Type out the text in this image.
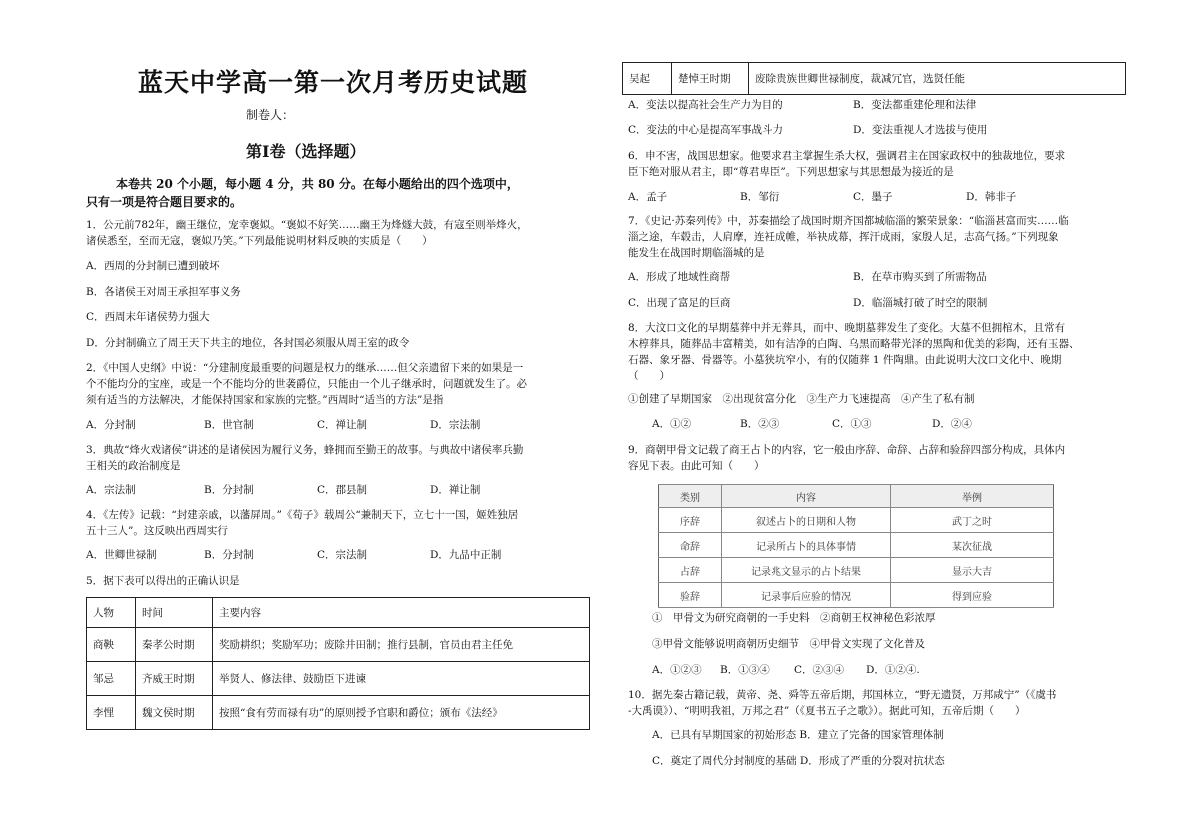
蓝天中学高一第一次月考历史试题
制卷人：
第Ⅰ卷（选择题）
本卷共 20 个小题，每小题 4 分，共 80 分。在每小题给出的四个选项中，
只有一项是符合题目要求的。
1．公元前782年，幽王继位，宠幸褒姒。“褒姒不好笑……幽王为烽燧大鼓，有寇至则举烽火，
诸侯悉至，至而无寇，褒姒乃笑。”下列最能说明材料反映的实质是（　　）
A．西周的分封制已遭到破坏
B．各诸侯王对周王承担军事义务
C．西周末年诸侯势力强大
D．分封制确立了周王天下共主的地位，各封国必须服从周王室的政令
2．《中国人史纲》中说：“分建制度最重要的问题是权力的继承……但父亲遗留下来的如果是一
个不能均分的宝座，或是一个不能均分的世袭爵位，只能由一个儿子继承时，问题就发生了。必
须有适当的方法解决，才能保持国家和家族的完整。”西周时“适当的方法”是指
A．分封制	B．世官制	C．禅让制	D．宗法制
3．典故“烽火戏诸侯”讲述的是诸侯因为履行义务，蜂拥而至勤王的故事。与典故中诸侯率兵勤
王相关的政治制度是
A．宗法制	B．分封制	C．郡县制	D．禅让制
4．《左传》记载：“封建亲戚，以藩屏周。”《荀子》载周公“兼制天下，立七十一国，姬姓独居
五十三人”。这反映出西周实行
A．世卿世禄制	B．分封制	C．宗法制	D．九品中正制
5．据下表可以得出的正确认识是
人物	时间	主要内容
商鞅	秦孝公时期	奖励耕织；奖励军功；废除井田制；推行县制，官员由君主任免
邹忌	齐威王时期	举贤人、修法律、鼓励臣下进谏
李悝	魏文侯时期	按照“食有劳而禄有功”的原则授予官职和爵位；颁布《法经》
吴起	楚悼王时期	废除贵族世卿世禄制度，裁减冗官，选贤任能
A．变法以提高社会生产力为目的	B．变法都重建伦理和法律
C．变法的中心是提高军事战斗力	D．变法重视人才选拔与使用
6．申不害，战国思想家。他要求君主掌握生杀大权，强调君主在国家政权中的独裁地位，要求
臣下绝对服从君主，即“尊君卑臣”。下列思想家与其思想最为接近的是
A．孟子	B．邹衍	C．墨子	D．韩非子
7．《史记·苏秦列传》中，苏秦描绘了战国时期齐国都城临淄的繁荣景象：“临淄甚富而实……临
淄之途，车毂击，人肩摩，连衽成帷，举袂成幕，挥汗成雨，家殷人足，志高气扬。”下列现象
能发生在战国时期临淄城的是
A．形成了地域性商帮	B．在草市购买到了所需物品
C．出现了富足的巨商	D．临淄城打破了时空的限制
8．大汶口文化的早期墓葬中并无葬具，而中、晚期墓葬发生了变化。大墓不但拥棺木，且常有
木椁葬具，随葬品丰富精美，如有洁净的白陶、乌黑而略带光泽的黑陶和优美的彩陶，还有玉器、
石器、象牙器、骨器等。小墓狭坑窄小，有的仅随葬 1 件陶鼎。由此说明大汶口文化中、晚期
（　　）
①创建了早期国家　②出现贫富分化　③生产力飞速提高　④产生了私有制
A．①②	B．②③	C．①③	D．②④
9．商朝甲骨文记载了商王占卜的内容，它一般由序辞、命辞、占辞和验辞四部分构成，具体内
容见下表。由此可知（　　）
类别	内容	举例
序辞	叙述占卜的日期和人物	武丁之时
命辞	记录所占卜的具体事情	某次征战
占辞	记录兆文显示的占卜结果	显示大吉
验辞	记录事后应验的情况	得到应验
①　甲骨文为研究商朝的一手史料　②商朝王权神秘色彩浓厚
③甲骨文能够说明商朝历史细节　④甲骨文实现了文化普及
A．①②③ B．①③④ C．②③④ D．①②④.
10．据先秦古籍记载，黄帝、尧、舜等五帝后期，邦国林立，“野无遗贤，万邦咸宁”（《虞书
-大禹谟》）、“明明我祖，万邦之君”（《夏书五子之歌》）。据此可知，五帝后期（　　）
A．已具有早期国家的初始形态 B．建立了完备的国家管理体制
C．奠定了周代分封制度的基础 D．形成了严重的分裂对抗状态
